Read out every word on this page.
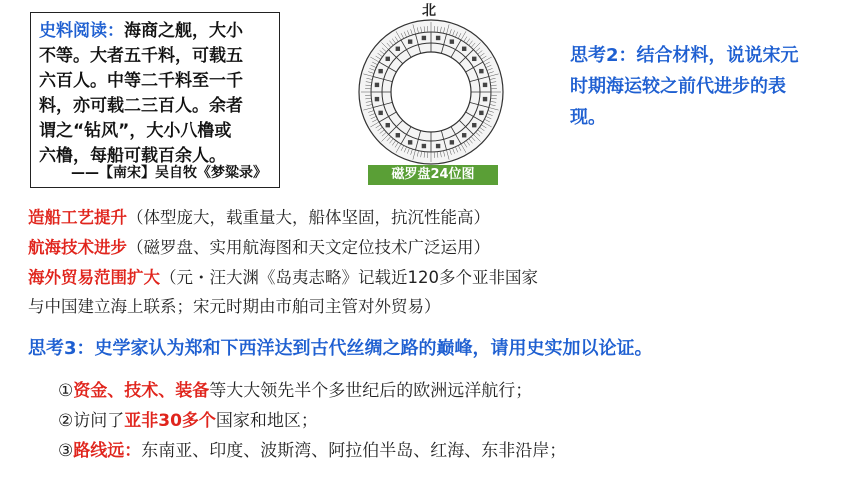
史料阅读：海商之舰，大小
不等。大者五千料，可载五
六百人。中等二千料至一千
料，亦可载二三百人。余者
谓之“钻风”，大小八橹或
六橹，每船可载百余人。
——【南宋】吴自牧《梦粱录》
北
磁罗盘24位图
思考2：结合材料，说说宋元时期海运较之前代进步的表现。
造船工艺提升（体型庞大，载重量大，船体坚固，抗沉性能高）
航海技术进步（磁罗盘、实用航海图和天文定位技术广泛运用）
海外贸易范围扩大（元・汪大渊《岛夷志略》记载近120多个亚非国家
与中国建立海上联系；宋元时期由市舶司主管对外贸易）
思考3：史学家认为郑和下西洋达到古代丝绸之路的巅峰，请用史实加以论证。
①资金、技术、装备等大大领先半个多世纪后的欧洲远洋航行；
②访问了亚非30多个国家和地区；
③路线远：东南亚、印度、波斯湾、阿拉伯半岛、红海、东非沿岸；
